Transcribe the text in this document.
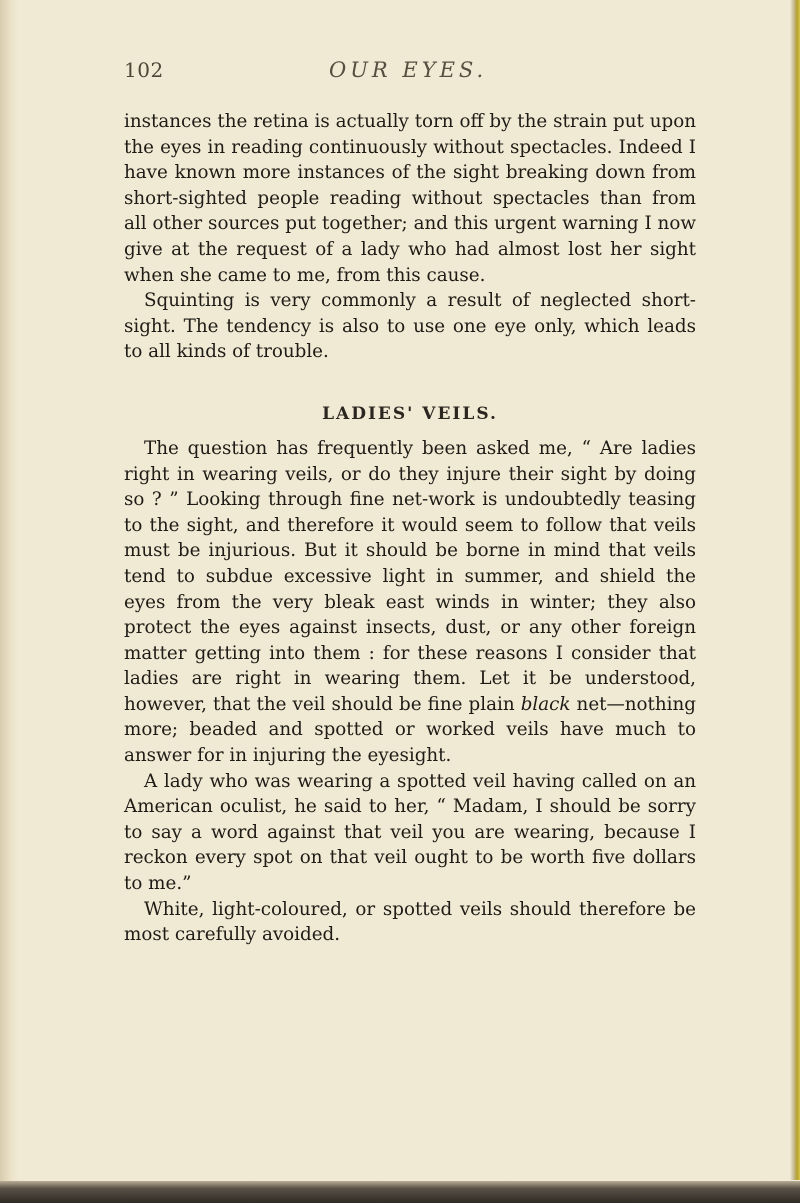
102	OUR EYES.

instances the retina is actually torn off by the strain put upon the eyes in reading continuously without spectacles. Indeed I have known more instances of the sight breaking down from short-sighted people reading without spectacles than from all other sources put together; and this urgent warning I now give at the request of a lady who had almost lost her sight when she came to me, from this cause.

Squinting is very commonly a result of neglected short-sight. The tendency is also to use one eye only, which leads to all kinds of trouble.

LADIES' VEILS.

The question has frequently been asked me, “ Are ladies right in wearing veils, or do they injure their sight by doing so ? ” Looking through fine net-work is undoubtedly teasing to the sight, and therefore it would seem to follow that veils must be injurious. But it should be borne in mind that veils tend to subdue excessive light in summer, and shield the eyes from the very bleak east winds in winter; they also protect the eyes against insects, dust, or any other foreign matter getting into them : for these reasons I consider that ladies are right in wearing them. Let it be understood, however, that the veil should be fine plain black net—nothing more; beaded and spotted or worked veils have much to answer for in injuring the eyesight.

A lady who was wearing a spotted veil having called on an American oculist, he said to her, “ Madam, I should be sorry to say a word against that veil you are wearing, because I reckon every spot on that veil ought to be worth five dollars to me.”

White, light-coloured, or spotted veils should therefore be most carefully avoided.
